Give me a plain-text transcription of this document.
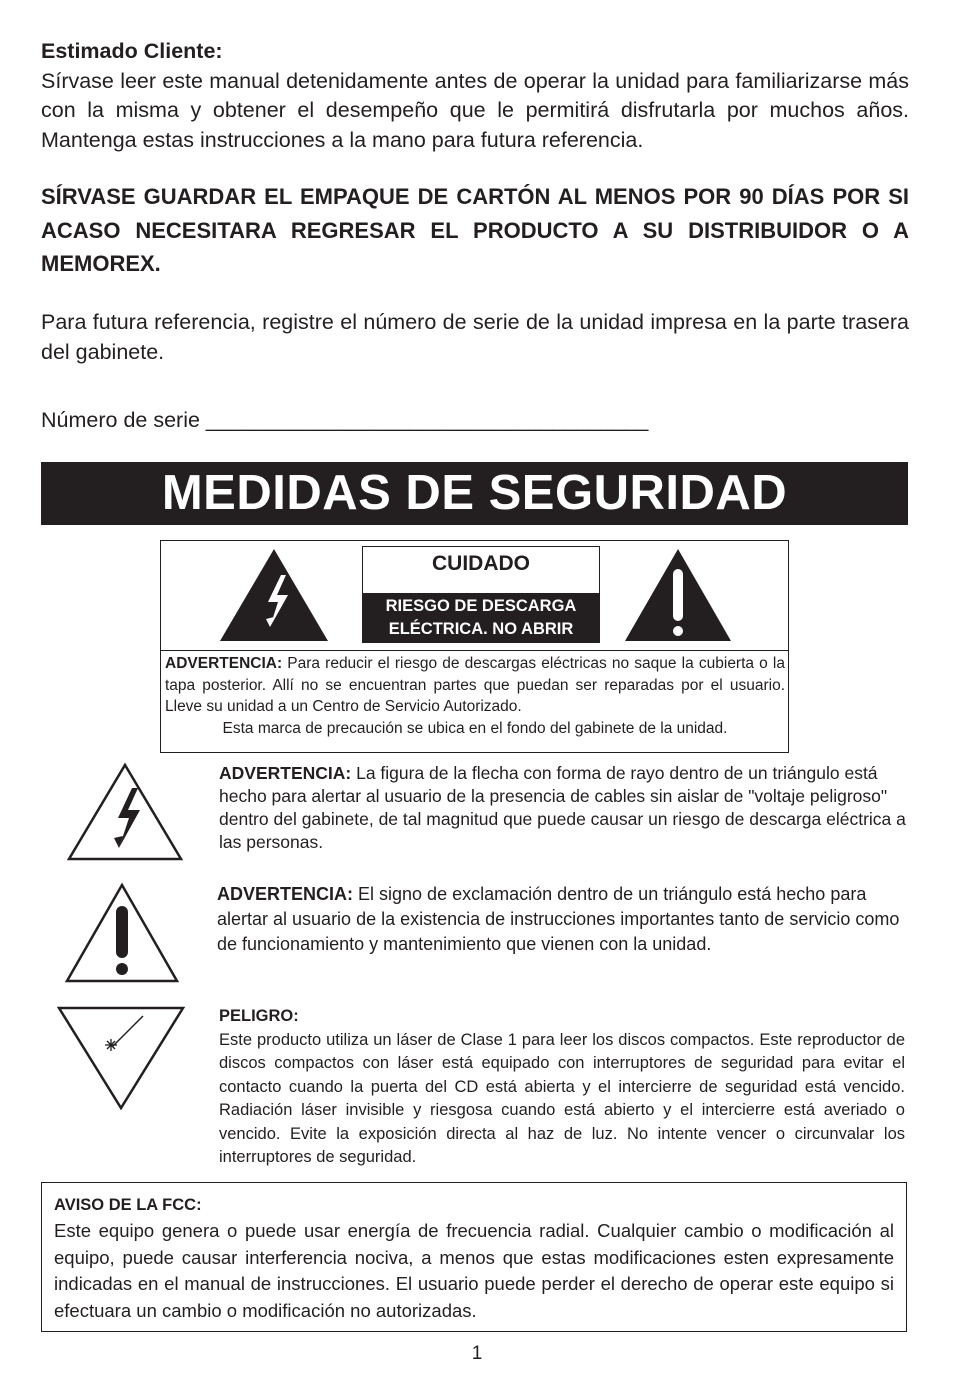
Estimado Cliente:
Sírvase leer este manual detenidamente antes de operar la unidad para familiarizarse más con la misma y obtener el desempeño que le permitirá disfrutarla por muchos años. Mantenga estas instrucciones a la mano para futura referencia.
SÍRVASE GUARDAR EL EMPAQUE DE CARTÓN AL MENOS POR 90 DÍAS POR SI ACASO NECESITARA REGRESAR EL PRODUCTO A SU DISTRIBUIDOR O A MEMOREX.
Para futura referencia, registre el número de serie de la unidad impresa en la parte trasera del gabinete.
Número de serie _____________________________________
MEDIDAS DE SEGURIDAD
CUIDADO
RIESGO DE DESCARGA
ELÉCTRICA. NO ABRIR
ADVERTENCIA: Para reducir el riesgo de descargas eléctricas no saque la cubierta o la tapa posterior. Allí no se encuentran partes que puedan ser reparadas por el usuario. Lleve su unidad a un Centro de Servicio Autorizado.
Esta marca de precaución se ubica en el fondo del gabinete de la unidad.
ADVERTENCIA: La figura de la flecha con forma de rayo dentro de un triángulo está hecho para alertar al usuario de la presencia de cables sin aislar de "voltaje peligroso" dentro del gabinete, de tal magnitud que puede causar un riesgo de descarga eléctrica a las personas.
ADVERTENCIA: El signo de exclamación dentro de un triángulo está hecho para alertar al usuario de la existencia de instrucciones importantes tanto de servicio como de funcionamiento y mantenimiento que vienen con la unidad.
PELIGRO:
Este producto utiliza un láser de Clase 1 para leer los discos compactos. Este reproductor de discos compactos con láser está equipado con interruptores de seguridad para evitar el contacto cuando la puerta del CD está abierta y el intercierre de seguridad está vencido. Radiación láser invisible y riesgosa cuando está abierto y el intercierre está averiado o vencido. Evite la exposición directa al haz de luz. No intente vencer o circunvalar los interruptores de seguridad.
AVISO DE LA FCC:
Este equipo genera o puede usar energía de frecuencia radial. Cualquier cambio o modificación al equipo, puede causar interferencia nociva, a menos que estas modificaciones esten expresamente indicadas en el manual de instrucciones. El usuario puede perder el derecho de operar este equipo si efectuara un cambio o modificación no autorizadas.
1
